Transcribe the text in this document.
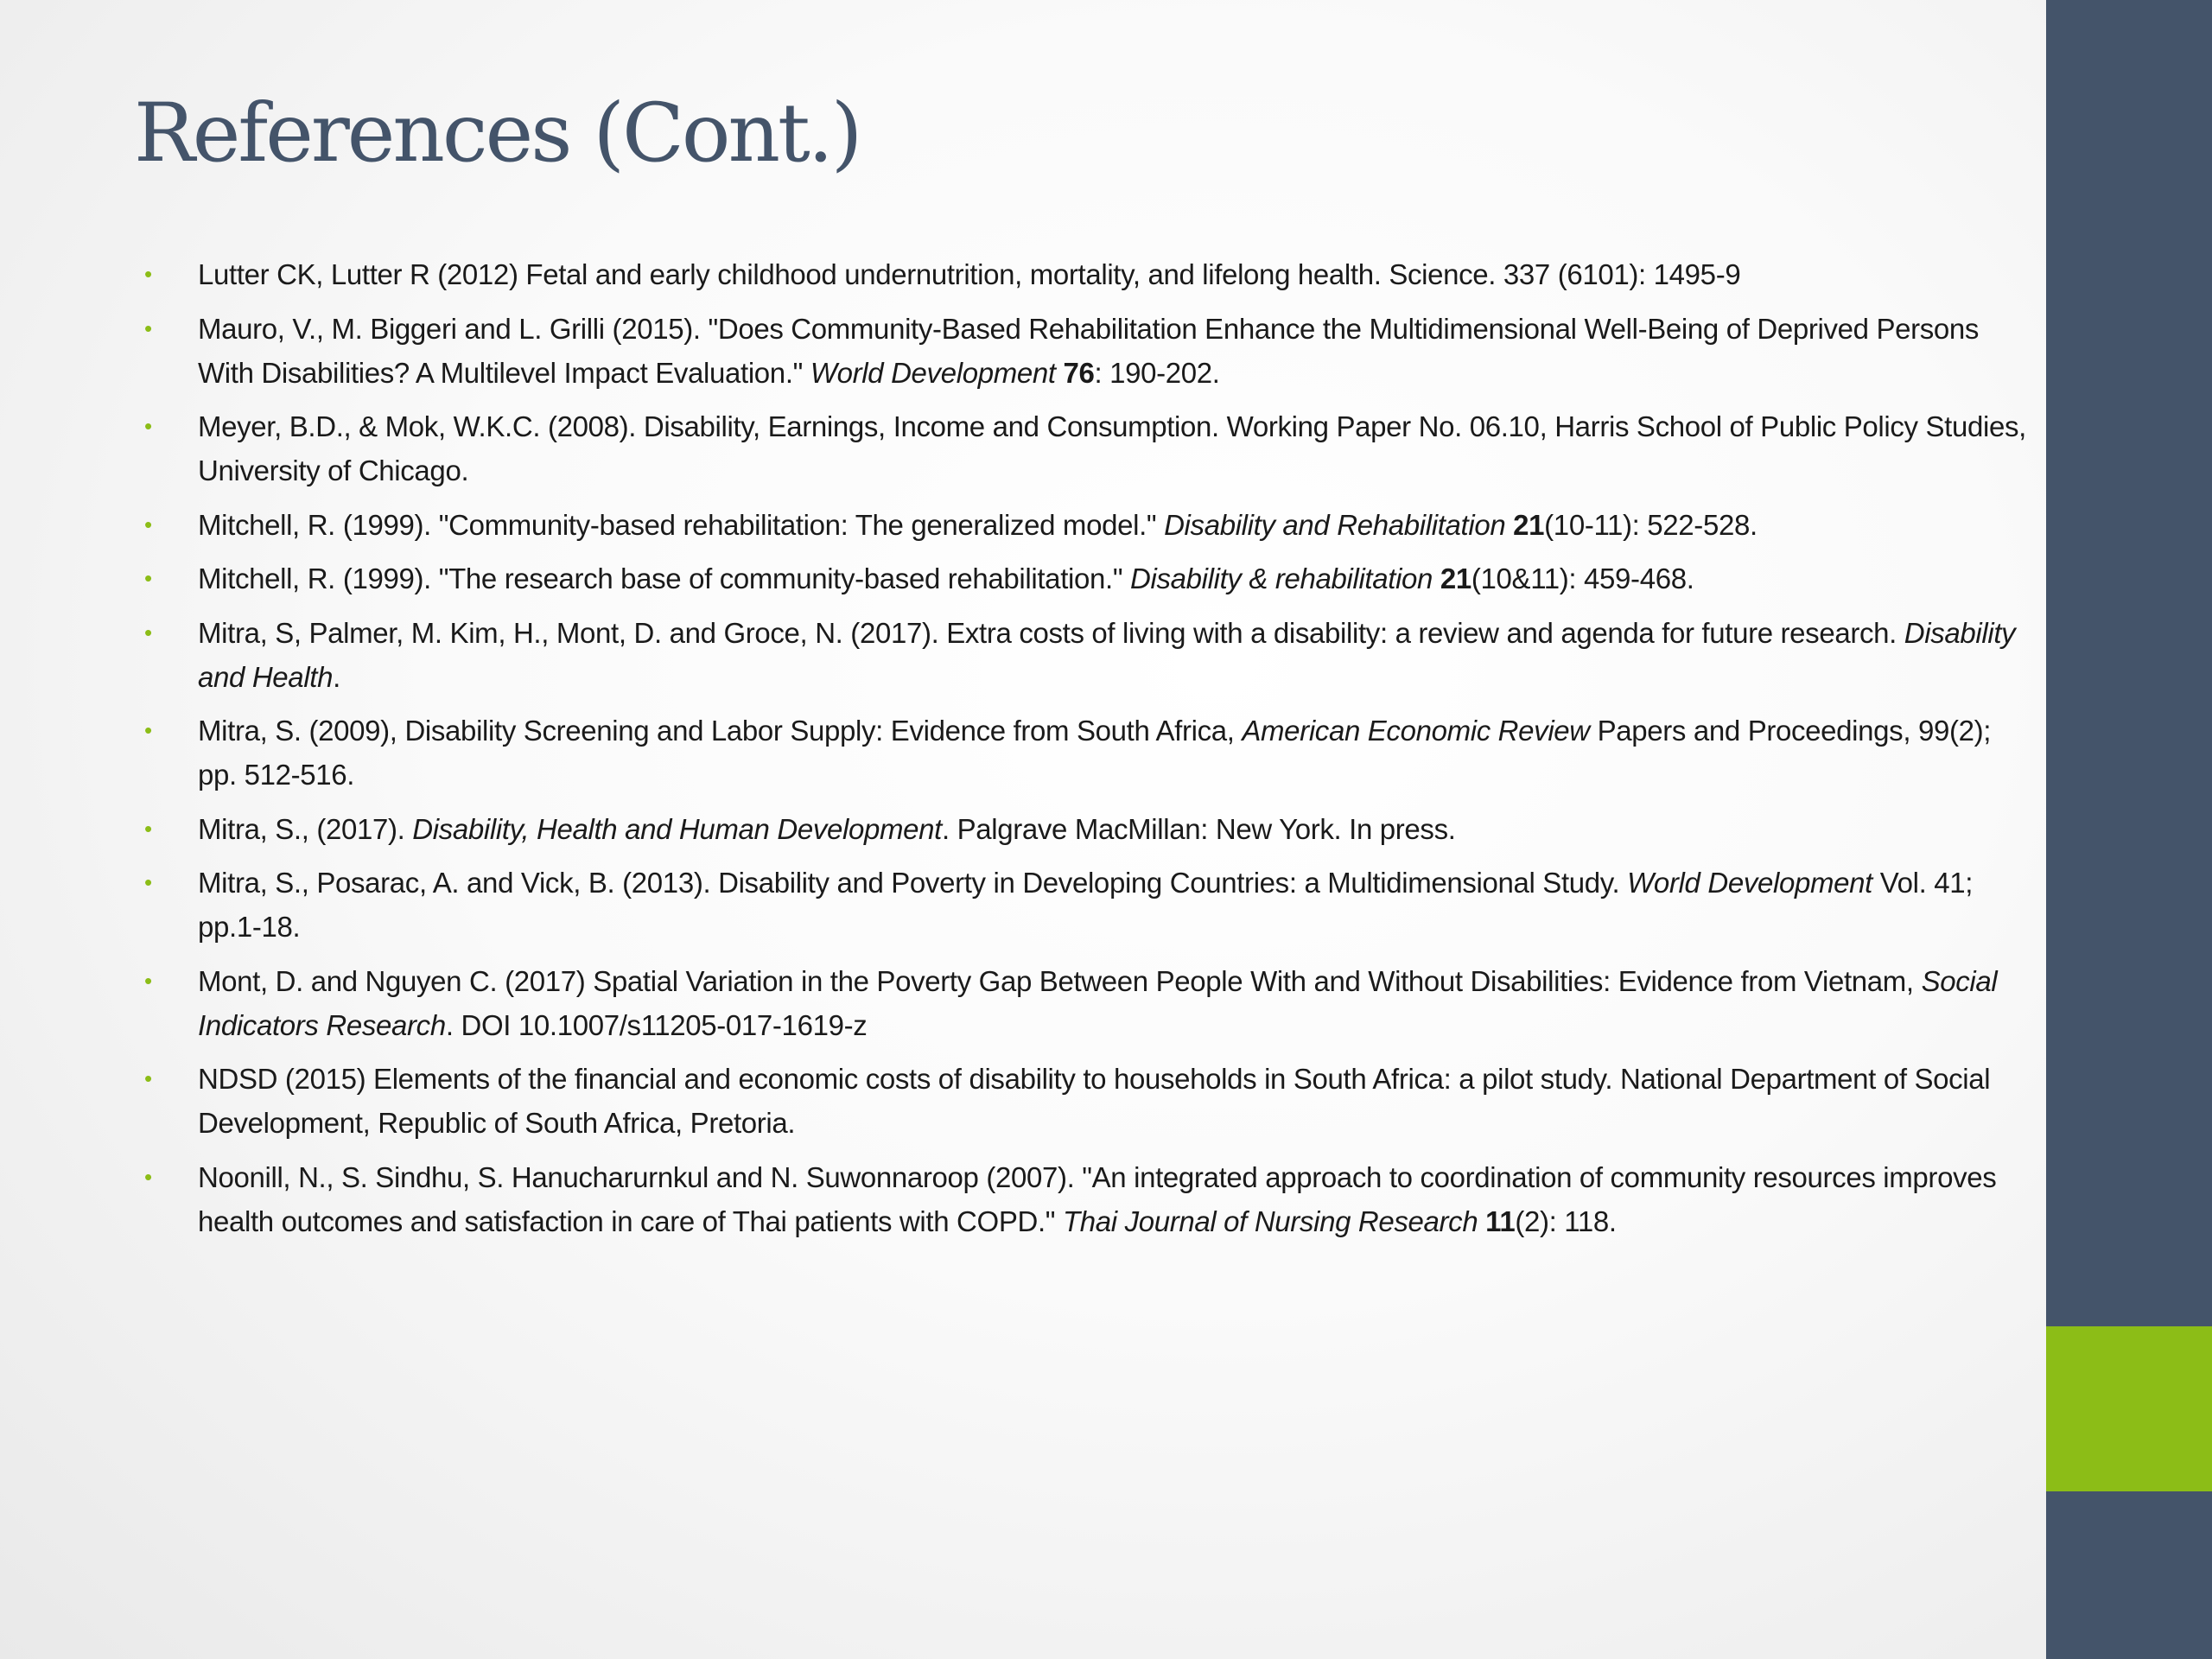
References (Cont.)
• Lutter CK, Lutter R (2012) Fetal and early childhood undernutrition, mortality, and lifelong health. Science. 337 (6101): 1495-9
• Mauro, V., M. Biggeri and L. Grilli (2015). "Does Community-Based Rehabilitation Enhance the Multidimensional Well-Being of Deprived Persons With Disabilities? A Multilevel Impact Evaluation." World Development 76: 190-202.
• Meyer, B.D., & Mok, W.K.C. (2008). Disability, Earnings, Income and Consumption. Working Paper No. 06.10, Harris School of Public Policy Studies, University of Chicago.
• Mitchell, R. (1999). "Community-based rehabilitation: The generalized model." Disability and Rehabilitation 21(10-11): 522-528.
• Mitchell, R. (1999). "The research base of community-based rehabilitation." Disability & rehabilitation 21(10&11): 459-468.
• Mitra, S, Palmer, M. Kim, H., Mont, D. and Groce, N. (2017). Extra costs of living with a disability: a review and agenda for future research. Disability and Health.
• Mitra, S. (2009), Disability Screening and Labor Supply: Evidence from South Africa, American Economic Review Papers and Proceedings, 99(2); pp. 512-516.
• Mitra, S., (2017). Disability, Health and Human Development. Palgrave MacMillan: New York. In press.
• Mitra, S., Posarac, A. and Vick, B. (2013). Disability and Poverty in Developing Countries: a Multidimensional Study. World Development Vol. 41; pp.1-18.
• Mont, D. and Nguyen C. (2017) Spatial Variation in the Poverty Gap Between People With and Without Disabilities: Evidence from Vietnam, Social Indicators Research. DOI 10.1007/s11205-017-1619-z
• NDSD (2015) Elements of the financial and economic costs of disability to households in South Africa: a pilot study. National Department of Social Development, Republic of South Africa, Pretoria.
• Noonill, N., S. Sindhu, S. Hanucharurnkul and N. Suwonnaroop (2007). "An integrated approach to coordination of community resources improves health outcomes and satisfaction in care of Thai patients with COPD." Thai Journal of Nursing Research 11(2): 118.
